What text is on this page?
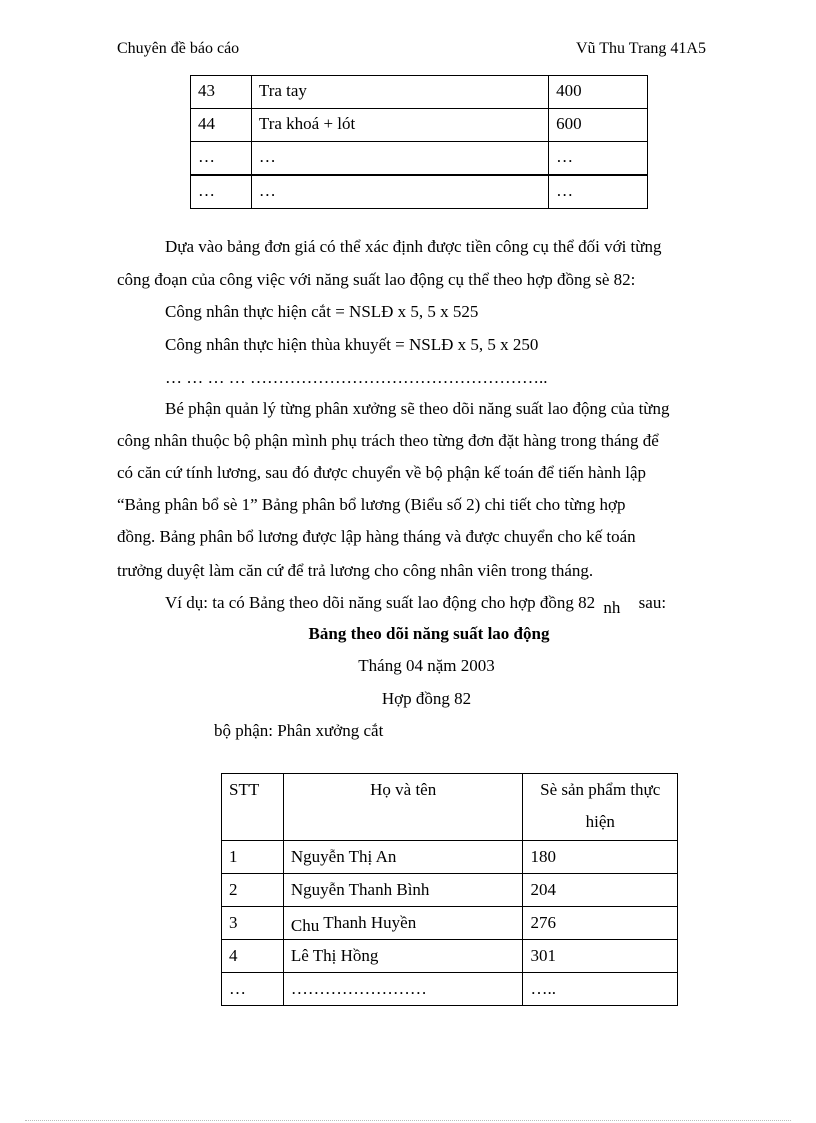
Chuyên đề báo cáo	Vũ Thu Trang 41A5
43	Tra tay	400
44	Tra khoá + lót	600
…	…	…
…	…	…
Dựa vào bảng đơn giá có thể xác định được tiền công cụ thể đối với từng
công đoạn của công việc với năng suất lao động cụ thể theo hợp đồng sè 82:
Công nhân thực hiện cắt = NSLĐ x 5, 5 x 525
Công nhân thực hiện thùa khuyết = NSLĐ x 5, 5 x 250
… … … … ……………………………………………..
Bé phận quản lý từng phân xưởng sẽ theo dõi năng suất lao động của từng
công nhân thuộc bộ phận mình phụ trách theo từng đơn đặt hàng trong tháng để
có căn cứ tính lương, sau đó được chuyển về bộ phận kế toán để tiến hành lập
“Bảng phân bổ sè 1” Bảng phân bổ lương (Biểu số 2) chi tiết cho từng hợp
đồng. Bảng phân bổ lương được lập hàng tháng và được chuyển cho kế toán
trưởng duyệt làm căn cứ để trả lương cho công nhân viên trong tháng.
Ví dụ: ta có Bảng theo dõi năng suất lao động cho hợp đồng 82 nh sau:
Bảng theo dõi năng suất lao động
Tháng 04 nặm 2003
Hợp đồng 82
bộ phận: Phân xưởng cắt
STT	Họ và tên	Sè sản phẩm thực
hiện

1	Nguyễn Thị An	180
2	Nguyễn Thanh Bình	204
3	Chu Thanh Huyền	276
4	Lê Thị Hồng	301
…	……………………	…..
